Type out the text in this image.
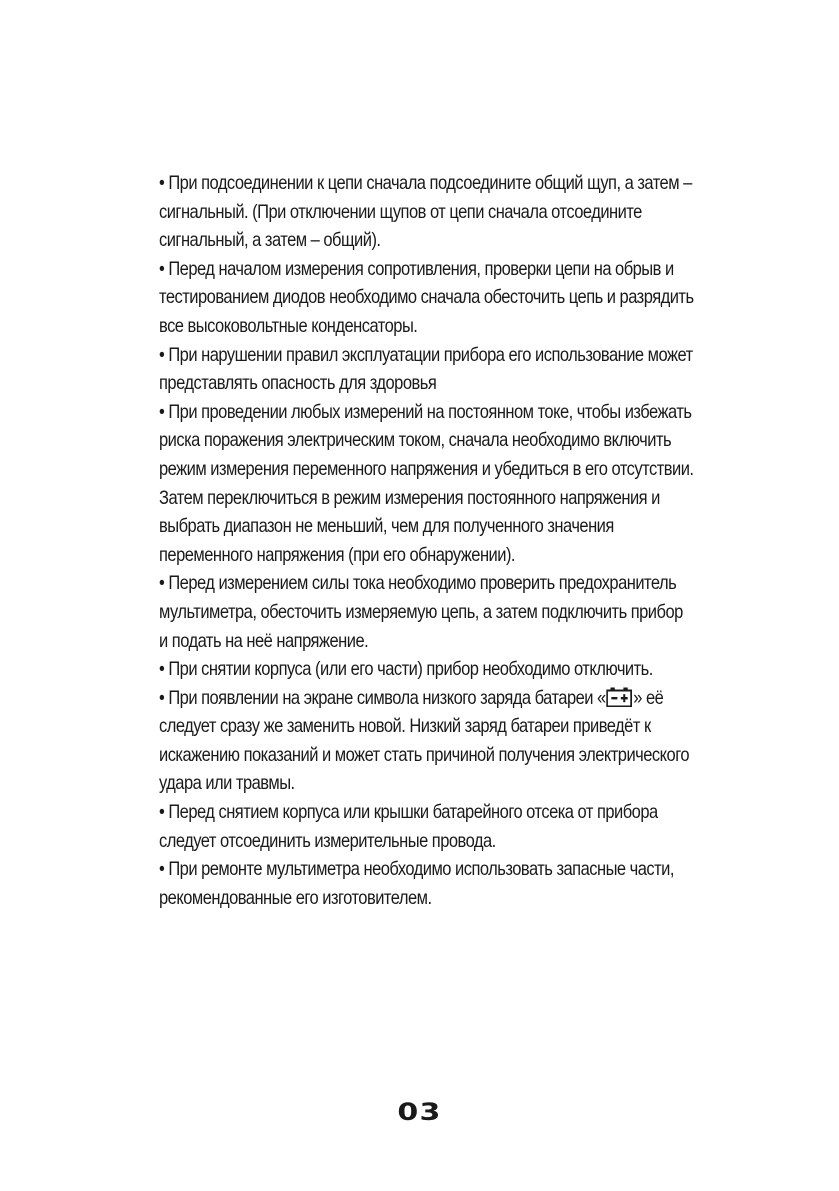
• При подсоединении к цепи сначала подсоедините общий щуп, а затем –
сигнальный. (При отключении щупов от цепи сначала отсоедините
сигнальный, а затем – общий).
• Перед началом измерения сопротивления, проверки цепи на обрыв и
тестированием диодов необходимо сначала обесточить цепь и разрядить
все высоковольтные конденсаторы.
• При нарушении правил эксплуатации прибора его использование может
представлять опасность для здоровья
• При проведении любых измерений на постоянном токе, чтобы избежать
риска поражения электрическим током, сначала необходимо включить
режим измерения переменного напряжения и убедиться в его отсутствии.
Затем переключиться в режим измерения постоянного напряжения и
выбрать диапазон не меньший, чем для полученного значения
переменного напряжения (при его обнаружении).
• Перед измерением силы тока необходимо проверить предохранитель
мультиметра, обесточить измеряемую цепь, а затем подключить прибор
и подать на неё напряжение.
• При снятии корпуса (или его части) прибор необходимо отключить.
• При появлении на экране символа низкого заряда батареи « » её
следует сразу же заменить новой. Низкий заряд батареи приведёт к
искажению показаний и может стать причиной получения электрического
удара или травмы.
• Перед снятием корпуса или крышки батарейного отсека от прибора
следует отсоединить измерительные провода.
• При ремонте мультиметра необходимо использовать запасные части,
рекомендованные его изготовителем.
03
